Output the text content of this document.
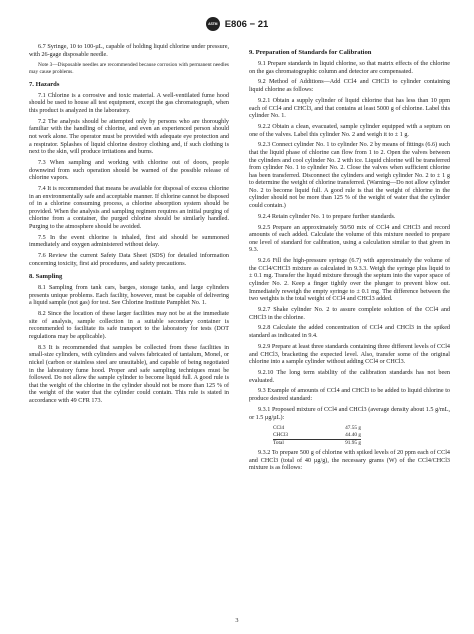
ASTM E806 − 21

6.7 Syringe, 10 to 100-µL, capable of holding liquid chlorine under pressure, with 26-gage disposable needle.

Note 3—Disposable needles are recommended because corrosion with permanent needles may cause problems.

7. Hazards

7.1 Chlorine is a corrosive and toxic material. A well-ventilated fume hood should be used to house all test equipment, except the gas chromatograph, when this product is analyzed in the laboratory.

7.2 The analysis should be attempted only by persons who are thoroughly familiar with the handling of chlorine, and even an experienced person should not work alone. The operator must be provided with adequate eye protection and a respirator. Splashes of liquid chlorine destroy clothing and, if such clothing is next to the skin, will produce irritations and burns.

7.3 When sampling and working with chlorine out of doors, people downwind from such operation should be warned of the possible release of chlorine vapors.

7.4 It is recommended that means be available for disposal of excess chlorine in an environmentally safe and acceptable manner. If chlorine cannot be disposed of in a chlorine consuming process, a chlorine absorption system should be provided. When the analysis and sampling regimen requires an initial purging of chlorine from a container, the purged chlorine should be similarly handled. Purging to the atmosphere should be avoided.

7.5 In the event chlorine is inhaled, first aid should be summoned immediately and oxygen administered without delay.

7.6 Review the current Safety Data Sheet (SDS) for detailed information concerning toxicity, first aid procedures, and safety precautions.

8. Sampling

8.1 Sampling from tank cars, barges, storage tanks, and large cylinders presents unique problems. Each facility, however, must be capable of delivering a liquid sample (not gas) for test. See Chlorine Institute Pamphlet No. 1.

8.2 Since the location of these larger facilities may not be at the immediate site of analysis, sample collection in a suitable secondary container is recommended to facilitate its safe transport to the laboratory for tests (DOT regulations may be applicable).

8.3 It is recommended that samples be collected from these facilities in small-size cylinders, with cylinders and valves fabricated of tantalum, Monel, or nickel (carbon or stainless steel are unsuitable), and capable of being negotiated in the laboratory fume hood. Proper and safe sampling techniques must be followed. Do not allow the sample cylinder to become liquid full. A good rule is that the weight of the chlorine in the cylinder should not be more than 125 % of the weight of the water that the cylinder could contain. This rule is stated in accordance with 49 CFR 173.

9. Preparation of Standards for Calibration

9.1 Prepare standards in liquid chlorine, so that matrix effects of the chlorine on the gas chromatographic column and detector are compensated.

9.2 Method of Additions—Add CCl4 and CHCl3 to cylinder containing liquid chlorine as follows:

9.2.1 Obtain a supply cylinder of liquid chlorine that has less than 10 ppm each of CCl4 and CHCl3, and that contains at least 5000 g of chlorine. Label this cylinder No. 1.

9.2.2 Obtain a clean, evacuated, sample cylinder equipped with a septum on one of the valves. Label this cylinder No. 2 and weigh it to ± 1 g.

9.2.3 Connect cylinder No. 1 to cylinder No. 2 by means of fittings (6.6) such that the liquid phase of chlorine can flow from 1 to 2. Open the valves between the cylinders and cool cylinder No. 2 with ice. Liquid chlorine will be transferred from cylinder No. 1 to cylinder No. 2. Close the valves when sufficient chlorine has been transferred. Disconnect the cylinders and weigh cylinder No. 2 to ± 1 g to determine the weight of chlorine transferred. (Warning—Do not allow cylinder No. 2 to become liquid full. A good rule is that the weight of chlorine in the cylinder should not be more than 125 % of the weight of water that the cylinder could contain.)

9.2.4 Retain cylinder No. 1 to prepare further standards.

9.2.5 Prepare an approximately 50/50 mix of CCl4 and CHCl3 and record amounts of each added. Calculate the volume of this mixture needed to prepare one level of standard for calibration, using a calculation similar to that given in 9.3.

9.2.6 Fill the high-pressure syringe (6.7) with approximately the volume of the CCl4/CHCl3 mixture as calculated in 9.3.3. Weigh the syringe plus liquid to ± 0.1 mg. Transfer the liquid mixture through the septum into the vapor space of cylinder No. 2. Keep a finger tightly over the plunger to prevent blow out. Immediately reweigh the empty syringe to ± 0.1 mg. The difference between the two weights is the total weight of CCl4 and CHCl3 added.

9.2.7 Shake cylinder No. 2 to assure complete solution of the CCl4 and CHCl3 in the chlorine.

9.2.8 Calculate the added concentration of CCl4 and CHCl3 in the spiked standard as indicated in 9.4.

9.2.9 Prepare at least three standards containing three different levels of CCl4 and CHCl3, bracketing the expected level. Also, transfer some of the original chlorine into a sample cylinder without adding CCl4 or CHCl3.

9.2.10 The long term stability of the calibration standards has not been evaluated.

9.3 Example of amounts of CCl4 and CHCl3 to be added to liquid chlorine to produce desired standard:

9.3.1 Proposed mixture of CCl4 and CHCl3 (average density about 1.5 g/mL, or 1.5 µg/µL):

CCl4	47.55 g
CHCl3	44.40 g
Total	91.95 g

9.3.2 To prepare 500 g of chlorine with spiked levels of 20 ppm each of CCl4 and CHCl3 (total of 40 µg/g), the necessary grams (W) of the CCl4/CHCl3 mixture is as follows:

3
